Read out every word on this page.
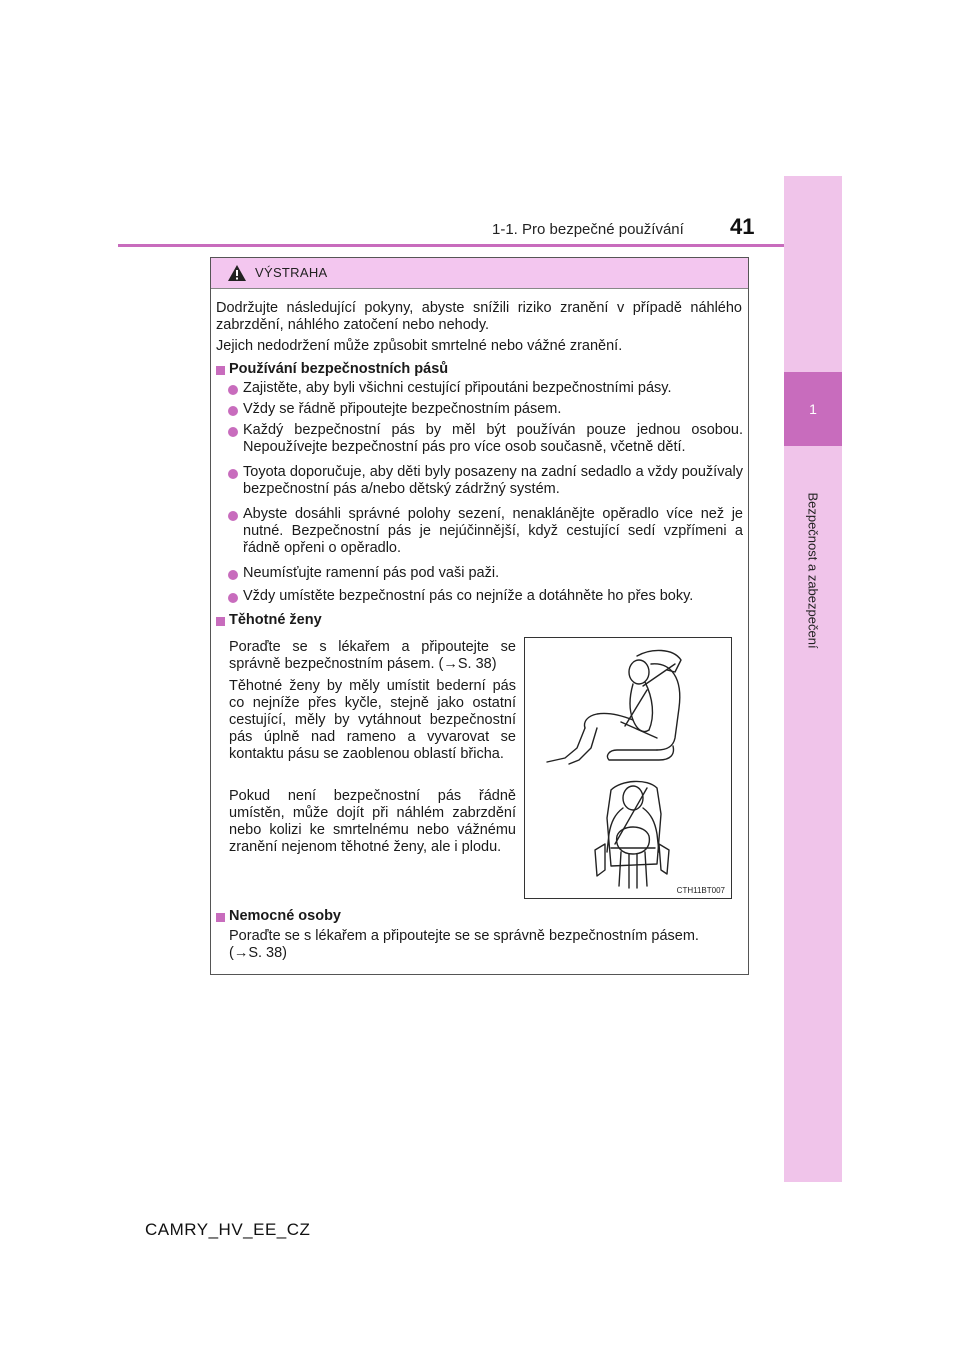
1-1. Pro bezpečné používání 41
1
Bezpečnost a zabezpečení
VÝSTRAHA
Dodržujte následující pokyny, abyste snížili riziko zranění v případě náhlého zabrzdění, náhlého zatočení nebo nehody.
Jejich nedodržení může způsobit smrtelné nebo vážné zranění.
Používání bezpečnostních pásů
Zajistěte, aby byli všichni cestující připoutáni bezpečnostními pásy.
Vždy se řádně připoutejte bezpečnostním pásem.
Každý bezpečnostní pás by měl být používán pouze jednou osobou. Nepoužívejte bezpečnostní pás pro více osob současně, včetně dětí.
Toyota doporučuje, aby děti byly posazeny na zadní sedadlo a vždy používaly bezpečnostní pás a/nebo dětský zádržný systém.
Abyste dosáhli správné polohy sezení, nenaklánějte opěradlo více než je nutné. Bezpečnostní pás je nejúčinnější, když cestující sedí vzpřímeni a řádně opřeni o opěradlo.
Neumísťujte ramenní pás pod vaši paži.
Vždy umístěte bezpečnostní pás co nejníže a dotáhněte ho přes boky.
Těhotné ženy
Poraďte se s lékařem a připoutejte se správně bezpečnostním pásem. (→S. 38)
Těhotné ženy by měly umístit bederní pás co nejníže přes kyčle, stejně jako ostatní cestující, měly by vytáhnout bezpečnostní pás úplně nad rameno a vyvarovat se kontaktu pásu se zaoblenou oblastí břicha.
Pokud není bezpečnostní pás řádně umístěn, může dojít při náhlém zabrzdění nebo kolizi ke smrtelnému nebo vážnému zranění nejenom těhotné ženy, ale i plodu.
Nemocné osoby
Poraďte se s lékařem a připoutejte se se správně bezpečnostním pásem. (→S. 38)
CTH11BT007
CAMRY_HV_EE_CZ
